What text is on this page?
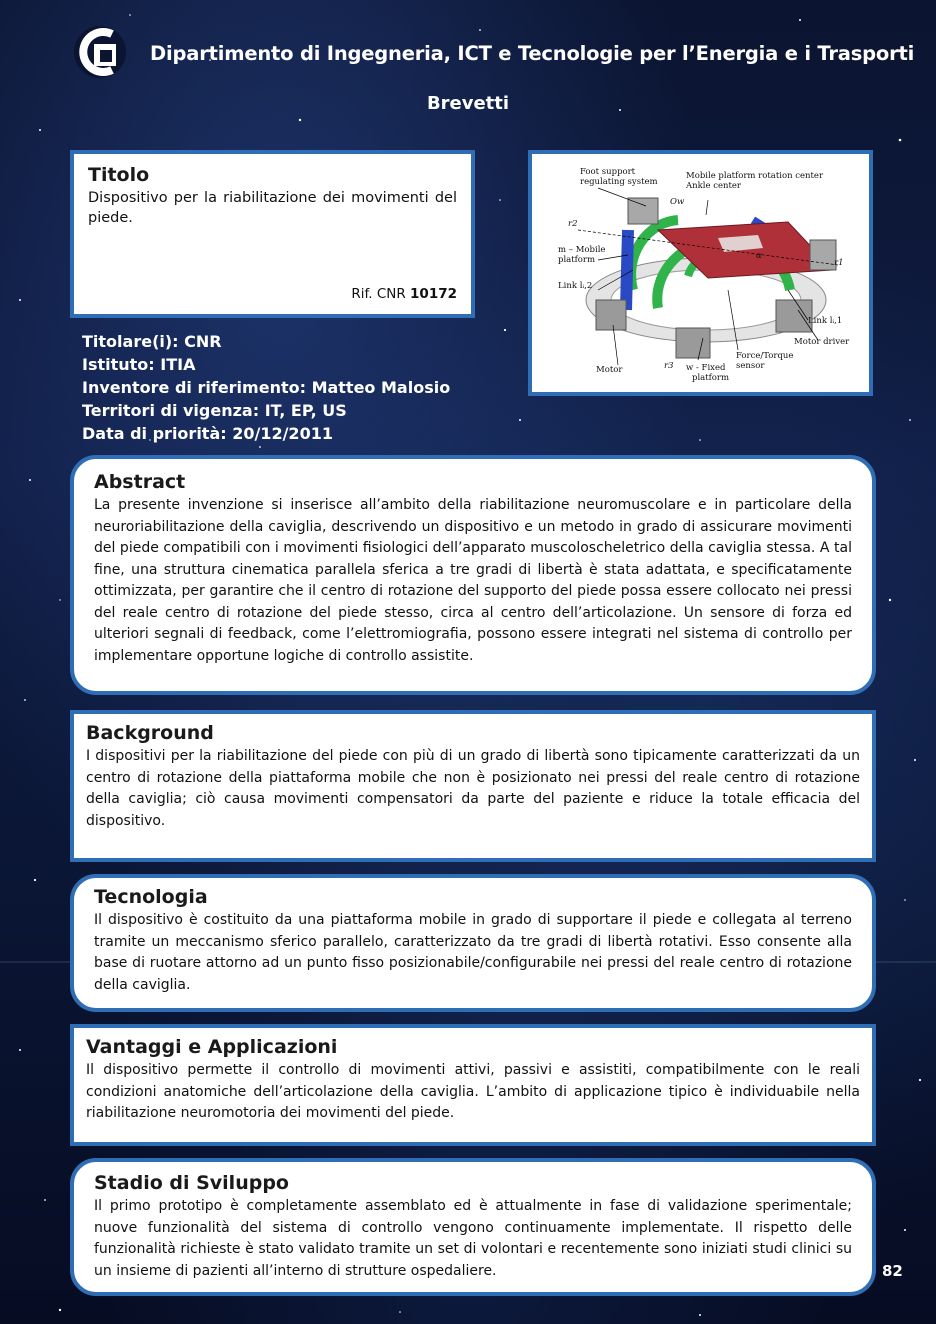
Dipartimento di Ingegneria, ICT e Tecnologie per l’Energia e i Trasporti
Brevetti
Titolo

Dispositivo per la riabilitazione dei movimenti del piede.

Rif. CNR 10172
Foot support
regulating system
Mobile platform rotation center
Ankle center
Ow
r2
m – Mobile
platform
Link lᵢ,2
r1
α
Link lᵢ,1
Motor driver
Force/Torque
sensor
Motor	r3 w - Fixed
platform
Titolare(i): CNR
Istituto: ITIA
Inventore di riferimento: Matteo Malosio
Territori di vigenza: IT, EP, US
Data di priorità: 20/12/2011
Abstract

La presente invenzione si inserisce all’ambito della riabilitazione neuromuscolare e in particolare della neuroriabilitazione della caviglia, descrivendo un dispositivo e un metodo in grado di assicurare movimenti del piede compatibili con i movimenti fisiologici dell’apparato muscoloscheletrico della caviglia stessa. A tal fine, una struttura cinematica parallela sferica a tre gradi di libertà è stata adattata, e specificatamente ottimizzata, per garantire che il centro di rotazione del supporto del piede possa essere collocato nei pressi del reale centro di rotazione del piede stesso, circa al centro dell’articolazione. Un sensore di forza ed ulteriori segnali di feedback, come l’elettromiografia, possono essere integrati nel sistema di controllo per implementare opportune logiche di controllo assistite.

Background

I dispositivi per la riabilitazione del piede con più di un grado di libertà sono tipicamente caratterizzati da un centro di rotazione della piattaforma mobile che non è posizionato nei pressi del reale centro di rotazione della caviglia; ciò causa movimenti compensatori da parte del paziente e riduce la totale efficacia del dispositivo.

Tecnologia

Il dispositivo è costituito da una piattaforma mobile in grado di supportare il piede e collegata al terreno tramite un meccanismo sferico parallelo, caratterizzato da tre gradi di libertà rotativi. Esso consente alla base di ruotare attorno ad un punto fisso posizionabile/configurabile nei pressi del reale centro di rotazione della caviglia.

Vantaggi e Applicazioni

Il dispositivo permette il controllo di movimenti attivi, passivi e assistiti, compatibilmente con le reali condizioni anatomiche dell’articolazione della caviglia. L’ambito di applicazione tipico è individuabile nella riabilitazione neuromotoria dei movimenti del piede.

Stadio di Sviluppo

Il primo prototipo è completamente assemblato ed è attualmente in fase di validazione sperimentale; nuove funzionalità del sistema di controllo vengono continuamente implementate. Il rispetto delle funzionalità richieste è stato validato tramite un set di volontari e recentemente sono iniziati studi clinici su un insieme di pazienti all’interno di strutture ospedaliere.	82
